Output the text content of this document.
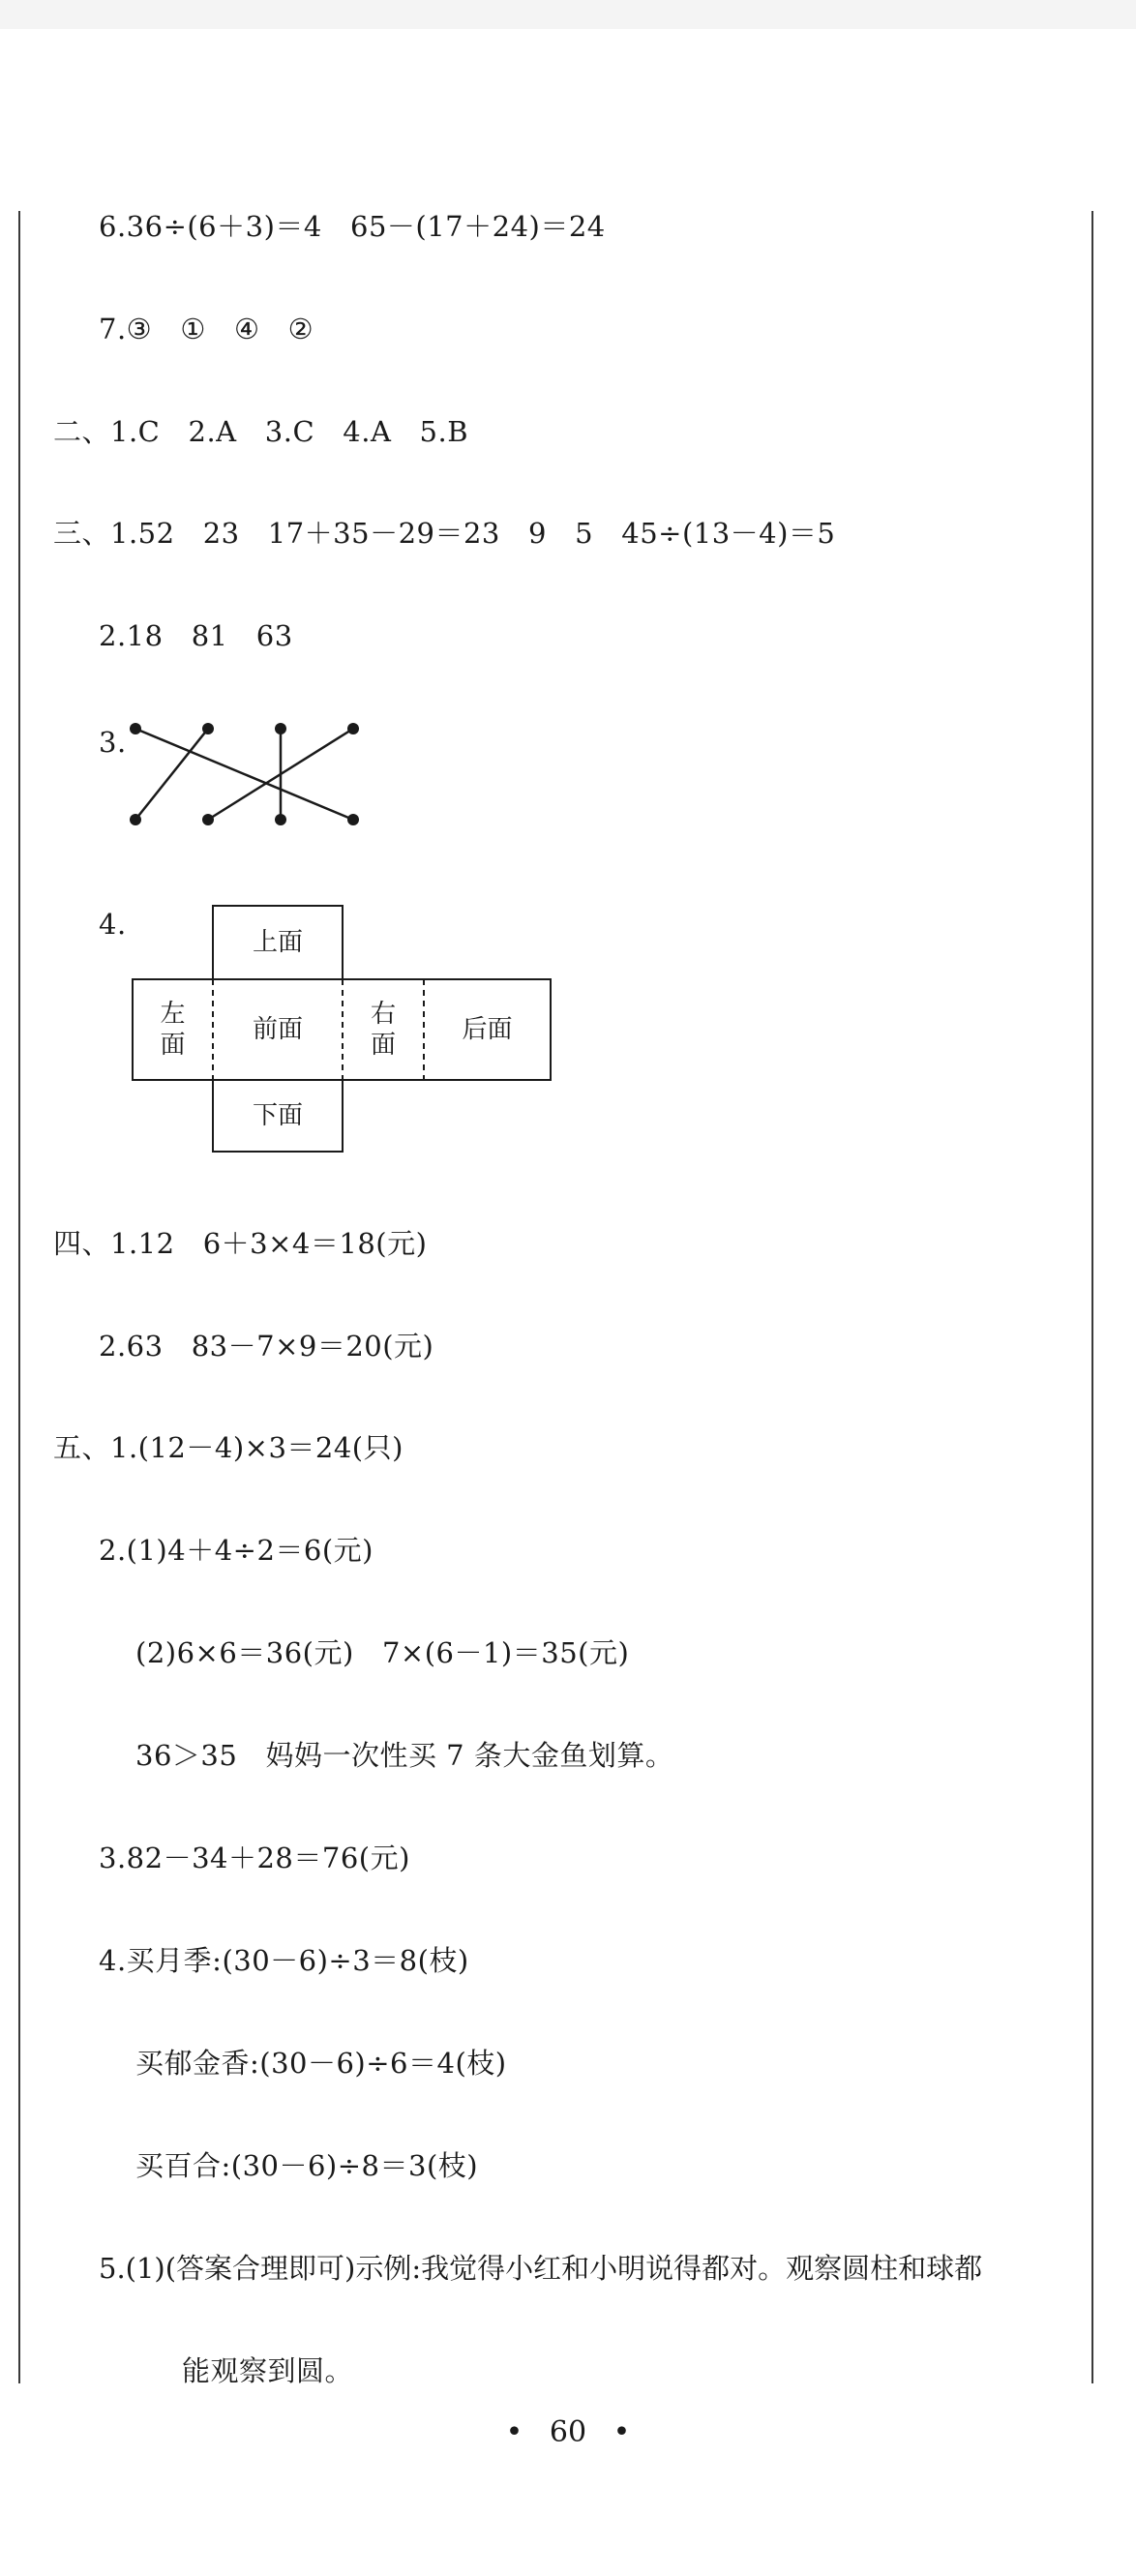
6.36÷(6＋3)＝4   65－(17＋24)＝24
7.③   ①   ④   ②
二、1.C   2.A   3.C   4.A   5.B
三、1.52   23   17＋35－29＝23   9   5   45÷(13－4)＝5
2.18   81   63
3.
4.
上面
左
面
前面
右
面
后面
下面
四、1.12   6＋3×4＝18(元)
2.63   83－7×9＝20(元)
五、1.(12－4)×3＝24(只)
2.(1)4＋4÷2＝6(元)
(2)6×6＝36(元)   7×(6－1)＝35(元)
36＞35   妈妈一次性买 7 条大金鱼划算。
3.82－34＋28＝76(元)
4.买月季:(30－6)÷3＝8(枝)
买郁金香:(30－6)÷6＝4(枝)
买百合:(30－6)÷8＝3(枝)
5.(1)(答案合理即可)示例:我觉得小红和小明说得都对。观察圆柱和球都
能观察到圆。
• 60 •
